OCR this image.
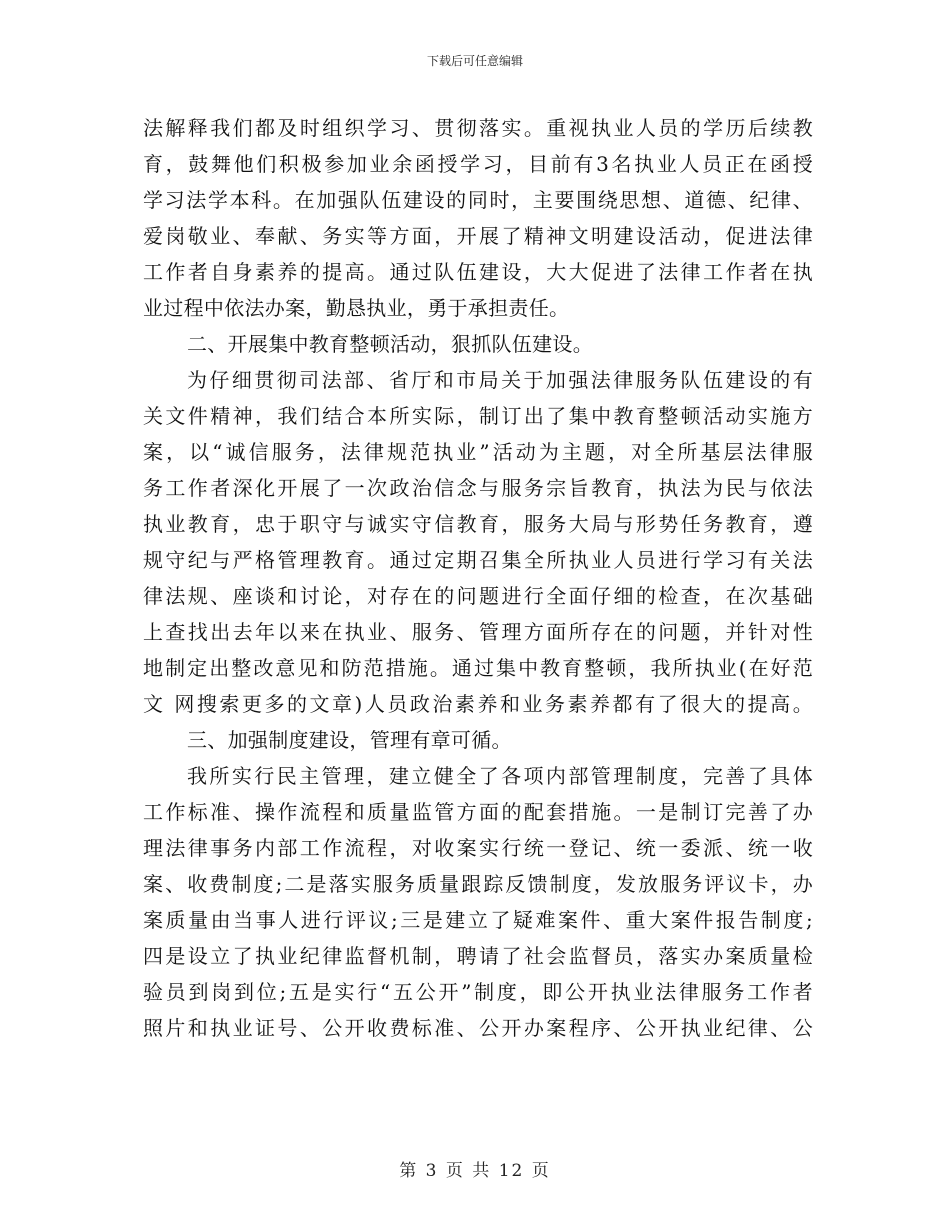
下载后可任意编辑
法解释我们都及时组织学习、贯彻落实。重视执业人员的学历后续教
育，鼓舞他们积极参加业余函授学习，目前有3名执业人员正在函授
学习法学本科。在加强队伍建设的同时，主要围绕思想、道德、纪律、
爱岗敬业、奉献、务实等方面，开展了精神文明建设活动，促进法律
工作者自身素养的提高。通过队伍建设，大大促进了法律工作者在执
业过程中依法办案，勤恳执业，勇于承担责任。
二、开展集中教育整顿活动，狠抓队伍建设。
为仔细贯彻司法部、省厅和市局关于加强法律服务队伍建设的有
关文件精神，我们结合本所实际，制订出了集中教育整顿活动实施方
案，以“诚信服务，法律规范执业”活动为主题，对全所基层法律服
务工作者深化开展了一次政治信念与服务宗旨教育，执法为民与依法
执业教育，忠于职守与诚实守信教育，服务大局与形势任务教育，遵
规守纪与严格管理教育。通过定期召集全所执业人员进行学习有关法
律法规、座谈和讨论，对存在的问题进行全面仔细的检查，在次基础
上查找出去年以来在执业、服务、管理方面所存在的问题，并针对性
地制定出整改意见和防范措施。通过集中教育整顿，我所执业(在好范
文 网搜索更多的文章)人员政治素养和业务素养都有了很大的提高。
三、加强制度建设，管理有章可循。
我所实行民主管理，建立健全了各项内部管理制度，完善了具体
工作标准、操作流程和质量监管方面的配套措施。一是制订完善了办
理法律事务内部工作流程，对收案实行统一登记、统一委派、统一收
案、收费制度;二是落实服务质量跟踪反馈制度，发放服务评议卡，办
案质量由当事人进行评议;三是建立了疑难案件、重大案件报告制度;
四是设立了执业纪律监督机制，聘请了社会监督员，落实办案质量检
验员到岗到位;五是实行“五公开”制度，即公开执业法律服务工作者
照片和执业证号、公开收费标准、公开办案程序、公开执业纪律、公
第 3 页 共 12 页
